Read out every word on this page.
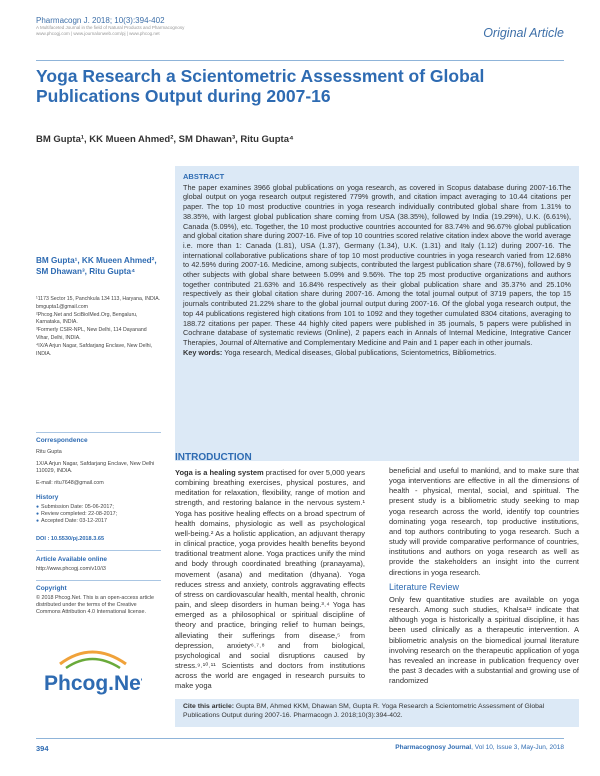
Pharmacogn J. 2018; 10(3):394-402
A Multifaceted Journal in the field of Natural Products and Pharmacognosy
www.phcogj.com | www.journalonweb.com/pj | www.phcog.net	Original Article
Yoga Research a Scientometric Assessment of Global Publications Output during 2007-16
BM Gupta¹, KK Mueen Ahmed², SM Dhawan³, Ritu Gupta⁴
ABSTRACT

The paper examines 3966 global publications on yoga research, as covered in Scopus database during 2007-16.The global output on yoga research output registered 779% growth, and citation impact averaging to 10.44 citations per paper. The top 10 most productive countries in yoga research individually contributed global share from 1.31% to 38.35%, with largest global publication share coming from USA (38.35%), followed by India (19.29%), U.K. (6.61%), Canada (5.09%), etc. Together, the 10 most productive countries accounted for 83.74% and 96.67% global publication and global citation share during 2007-16. Five of top 10 countries scored relative citation index above the world average i.e. more than 1: Canada (1.81), USA (1.37), Germany (1.34), U.K. (1.31) and Italy (1.12) during 2007-16. The international collaborative publications share of top 10 most productive countries in yoga research varied from 12.68% to 42.59% during 2007-16. Medicine, among subjects, contributed the largest publication share (78.67%), followed by 9 other subjects with global share between 5.09% and 9.56%. The top 25 most productive organizations and authors together contributed 21.63% and 16.84% respectively as their global publication share and 35.37% and 25.10% respectively as their global citation share during 2007-16. Among the total journal output of 3719 papers, the top 15 journals contributed 21.22% share to the global journal output during 2007-16. Of the global yoga research output, the top 44 publications registered high citations from 101 to 1092 and they together cumulated 8304 citations, averaging to 188.72 citations per paper. These 44 highly cited papers were published in 35 journals, 5 papers were published in Cochrane database of systematic reviews (Online), 2 papers each in Annals of Internal Medicine, Integrative Cancer Therapies, Journal of Alternative and Complementary Medicine and Pain and 1 paper each in other journals.
Key words: Yoga research, Medical diseases, Global publications, Scientometrics, Bibliometrics.

BM Gupta¹, KK Mueen Ahmed², SM Dhawan³, Ritu Gupta⁴
¹1173 Sector 15, Panchkula 134 113, Haryana, INDIA. bmgupta1@gmail.com
²Phcog.Net and SciBiolMed.Org, Bengaluru, Karnataka, INDIA.
³Formerly CSIR-NPL, New Delhi, 114 Dayanand Vihar, Delhi, INDIA.
⁴IX/A Arjun Nagar, Safdarjang Enclave, New Delhi, INDIA.
Correspondence
Ritu Gupta
1X/A Arjun Nagar, Safdarjang Enclave, New Delhi 110029, INDIA.
E-mail: ritu7648@gmail.com
History
● Submission Date: 05-06-2017;
● Review completed: 22-08-2017;
● Accepted Date: 03-12-2017
DOI : 10.5530/pj.2018.3.65
Article Available online
http://www.phcogj.com/v10/i3
Copyright
© 2018 Phcog.Net. This is an open-access article distributed under the terms of the Creative Commons Attribution 4.0 International license.
Phcog.Net
INTRODUCTION

Yoga is a healing system practised for over 5,000 years combining breathing exercises, physical postures, and meditation for relaxation, flexibility, range of motion and strength, and restoring balance in the nervous system.¹ Yoga has positive healing effects on a broad spectrum of health domains, physiologic as well as psychological well-being.² As a holistic application, an adjuvant therapy in clinical practice, yoga provides health benefits beyond traditional treatment alone. Yoga practices unify the mind and body through coordinated breathing (pranayama), movement (asana) and meditation (dhyana). Yoga reduces stress and anxiety, controls aggravating effects of stress on cardiovascular health, mental health, chronic pain, and sleep disorders in human being.³˒⁴ Yoga has emerged as a philosophical or spiritual discipline of theory and practice, bringing relief to human beings, alleviating their sufferings from disease,⁵ from depression, anxiety⁶˒⁷˒⁸ and from biological, psychological and social disruptions caused by stress.⁹˒¹⁰˒¹¹ Scientists and doctors from institutions across the world are engaged in research pursuits to make yoga

beneficial and useful to mankind, and to make sure that yoga interventions are effective in all the dimensions of health - physical, mental, social, and spiritual. The present study is a bibliometric study seeking to map yoga research across the world, identify top countries dominating yoga research, top productive institutions, and top authors contributing to yoga research. Such a study will provide comparative performance of countries, institutions and authors on yoga research as well as provide the stakeholders an insight into the current directions in yoga research.

Literature Review

Only few quantitative studies are available on yoga research. Among such studies, Khalsa¹² indicate that although yoga is historically a spiritual discipline, it has been used clinically as a therapeutic intervention. A bibliometric analysis on the biomedical journal literature involving research on the therapeutic application of yoga has revealed an increase in publication frequency over the past 3 decades with a substantial and growing use of randomized

Cite this article: Gupta BM, Ahmed KKM, Dhawan SM, Gupta R. Yoga Research a Scientometric Assessment of Global Publications Output during 2007-16. Pharmacogn J. 2018;10(3):394-402.
394	Pharmacognosy Journal, Vol 10, Issue 3, May-Jun, 2018
